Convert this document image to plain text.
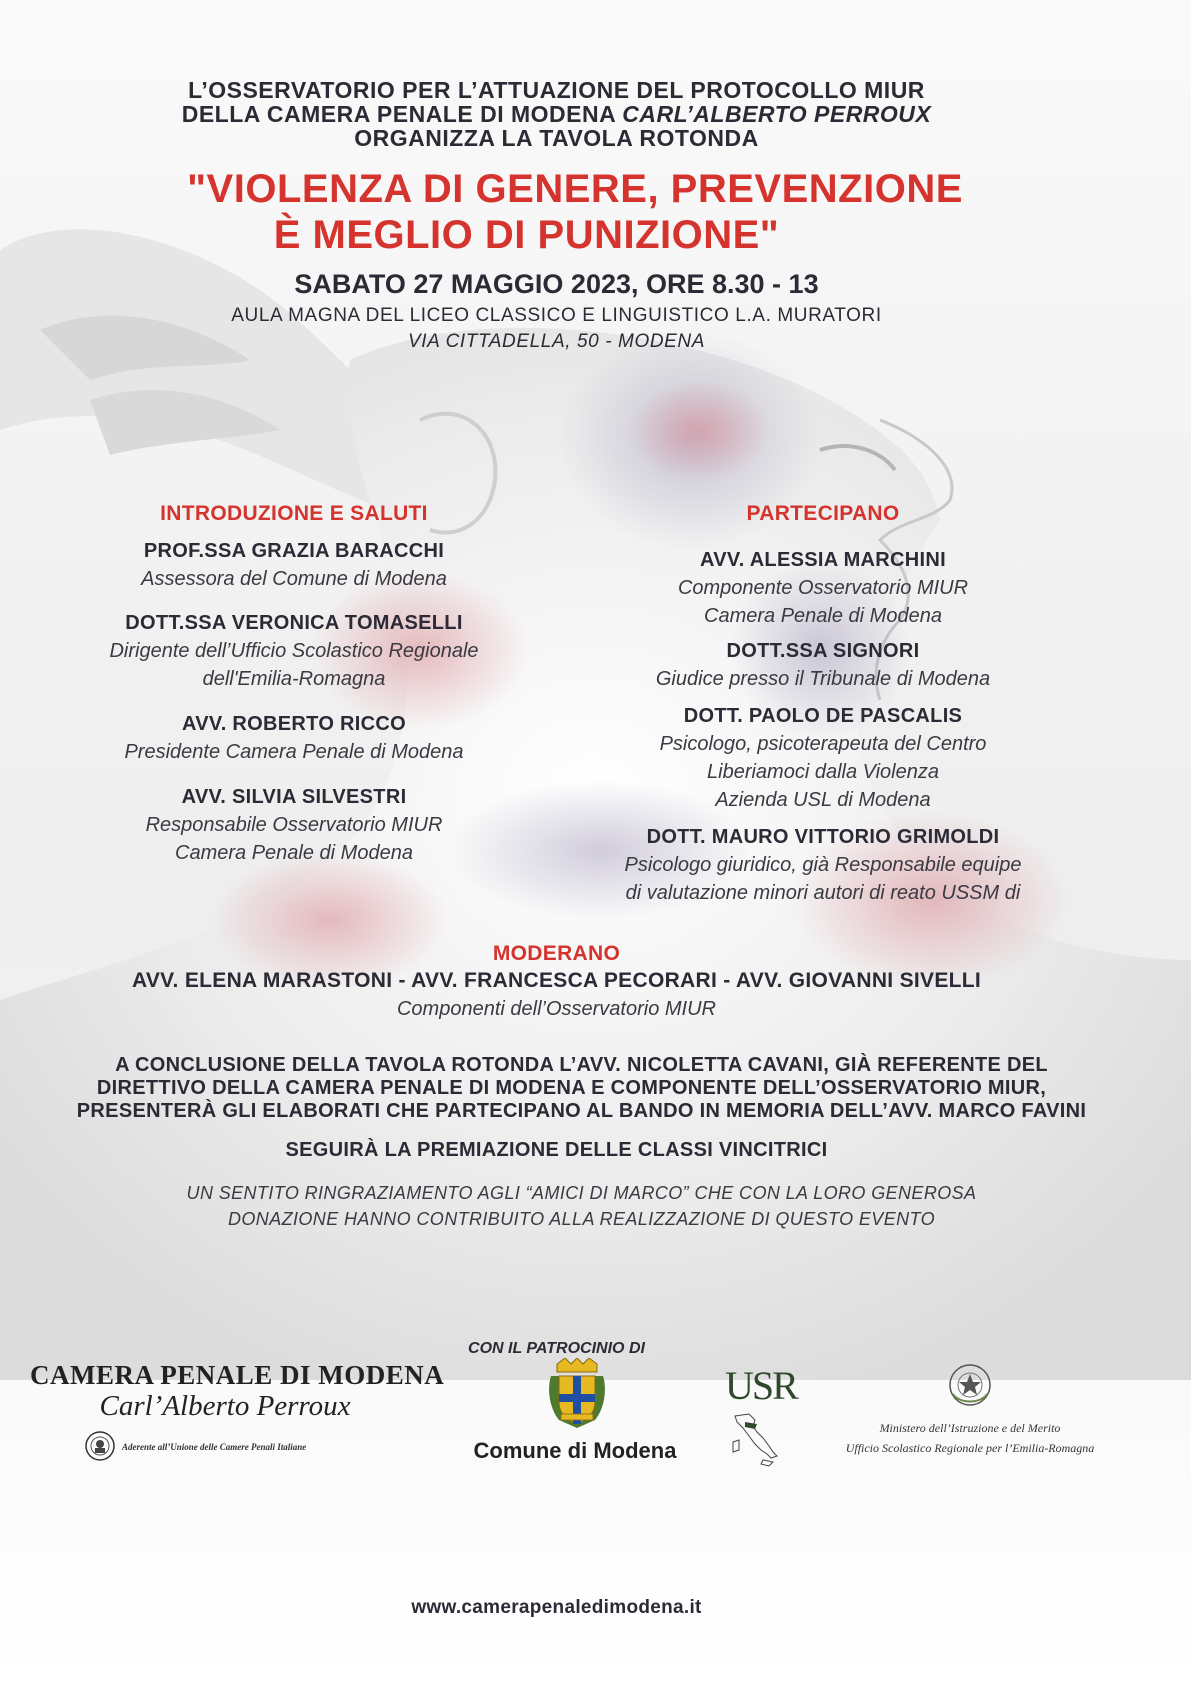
L’OSSERVATORIO PER L’ATTUAZIONE DEL PROTOCOLLO MIUR
DELLA CAMERA PENALE DI MODENA CARL’ALBERTO PERROUX
ORGANIZZA LA TAVOLA ROTONDA
"VIOLENZA DI GENERE, PREVENZIONE
È MEGLIO DI PUNIZIONE"
SABATO 27 MAGGIO 2023, ORE 8.30 - 13
AULA MAGNA DEL LICEO CLASSICO E LINGUISTICO L.A. MURATORI
VIA CITTADELLA, 50 - MODENA
INTRODUZIONE E SALUTI
PROF.SSA GRAZIA BARACCHI
Assessora del Comune di Modena
DOTT.SSA VERONICA TOMASELLI
Dirigente dell’Ufficio Scolastico Regionale
dell'Emilia-Romagna
AVV. ROBERTO RICCO
Presidente Camera Penale di Modena
AVV. SILVIA SILVESTRI
Responsabile Osservatorio MIUR
Camera Penale di Modena
PARTECIPANO
AVV. ALESSIA MARCHINI
Componente Osservatorio MIUR
Camera Penale di Modena
DOTT.SSA SIGNORI
Giudice presso il Tribunale di Modena
DOTT. PAOLO DE PASCALIS
Psicologo, psicoterapeuta del Centro
Liberiamoci dalla Violenza
Azienda USL di Modena
DOTT. MAURO VITTORIO GRIMOLDI
Psicologo giuridico, già Responsabile equipe
di valutazione minori autori di reato USSM di
MODERANO
AVV. ELENA MARASTONI - AVV. FRANCESCA PECORARI - AVV. GIOVANNI SIVELLI
Componenti dell’Osservatorio MIUR
A CONCLUSIONE DELLA TAVOLA ROTONDA L’AVV. NICOLETTA CAVANI, GIÀ REFERENTE DEL
DIRETTIVO DELLA CAMERA PENALE DI MODENA E COMPONENTE DELL’OSSERVATORIO MIUR,
PRESENTERÀ GLI ELABORATI CHE PARTECIPANO AL BANDO IN MEMORIA DELL’AVV. MARCO FAVINI
SEGUIRÀ LA PREMIAZIONE DELLE CLASSI VINCITRICI
UN SENTITO RINGRAZIAMENTO AGLI “AMICI DI MARCO” CHE CON LA LORO GENEROSA
DONAZIONE HANNO CONTRIBUITO ALLA REALIZZAZIONE DI QUESTO EVENTO
CON IL PATROCINIO DI
CAMERA PENALE DI MODENA
Carl’Alberto Perroux
Aderente all’Unione delle Camere Penali Italiane	Comune di Modena
USR
Ministero dell’Istruzione e del Merito
Ufficio Scolastico Regionale per l’Emilia-Romagna
www.camerapenaledimodena.it
